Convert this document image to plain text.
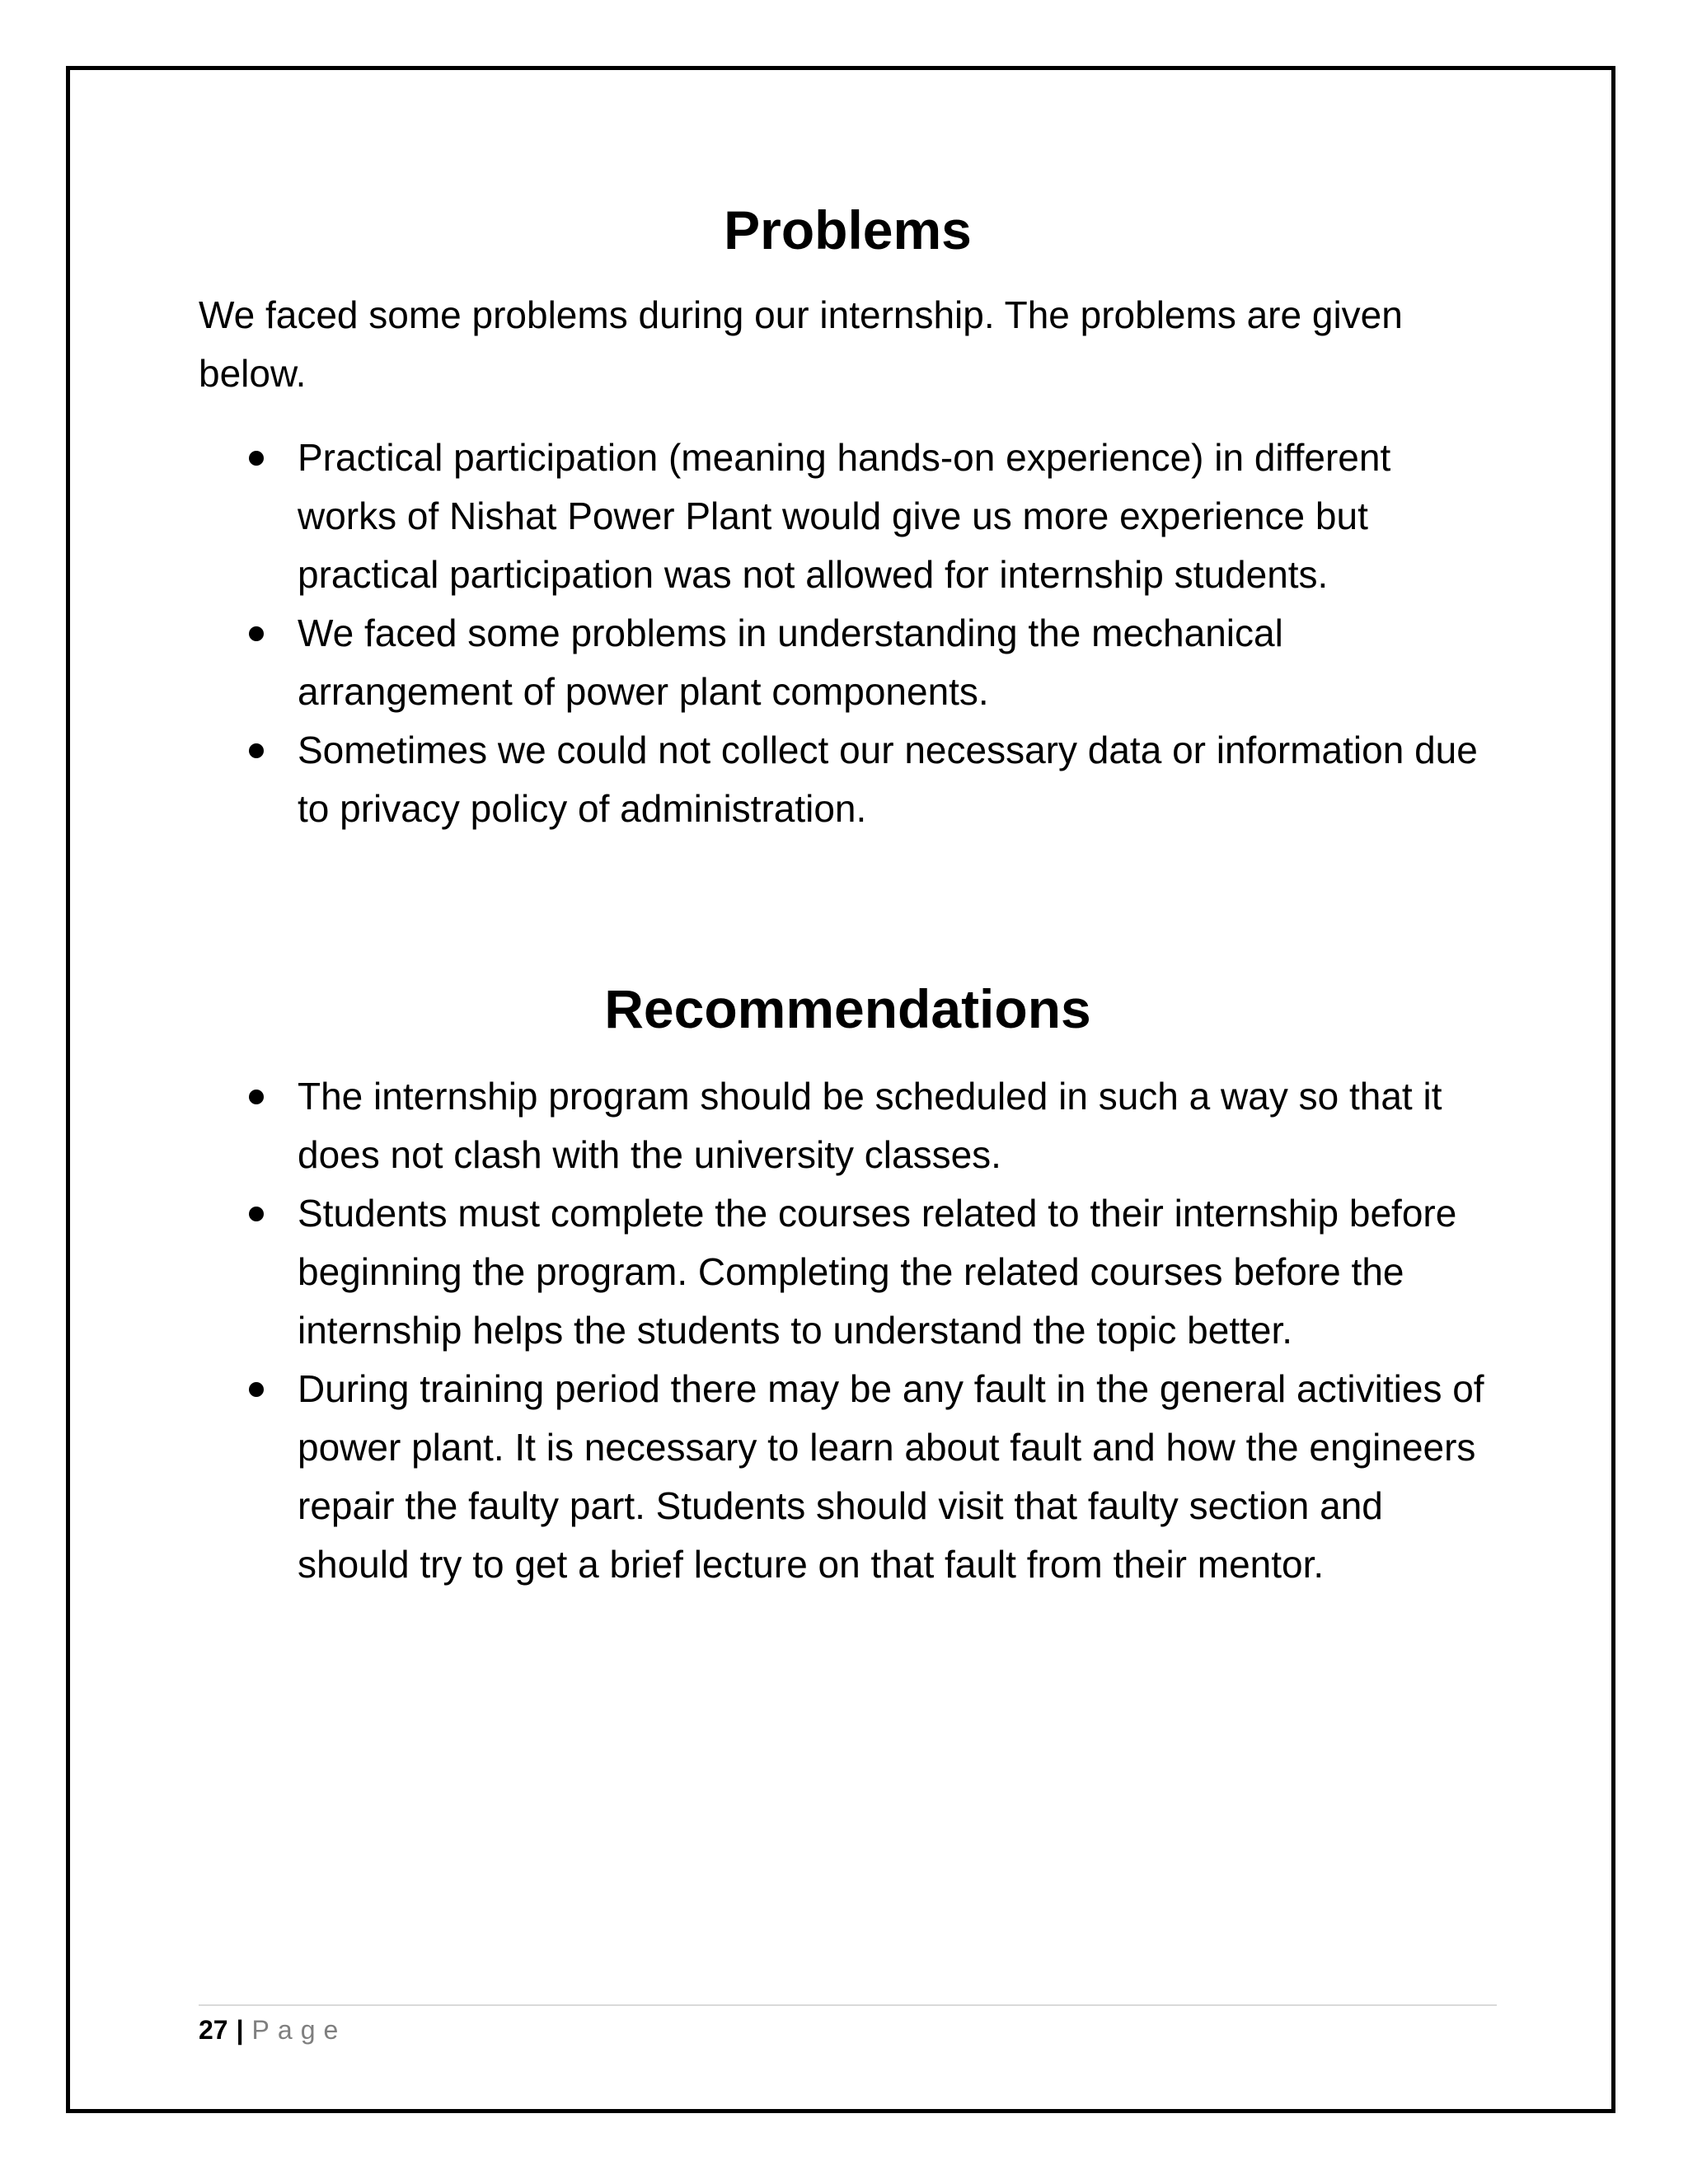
Problems

We faced some problems during our internship. The problems are given below.

Practical participation (meaning hands-on experience) in different works of Nishat Power Plant would give us more experience but practical participation was not allowed for internship students.
We faced some problems in understanding the mechanical arrangement of power plant components.
Sometimes we could not collect our necessary data or information due to privacy policy of administration.
Recommendations
The internship program should be scheduled in such a way so that it does not clash with the university classes.
Students must complete the courses related to their internship before beginning the program. Completing the related courses before the internship helps the students to understand the topic better.
During training period there may be any fault in the general activities of power plant. It is necessary to learn about fault and how the engineers repair the faulty part. Students should visit that faulty section and should try to get a brief lecture on that fault from their mentor.
27 | Page
